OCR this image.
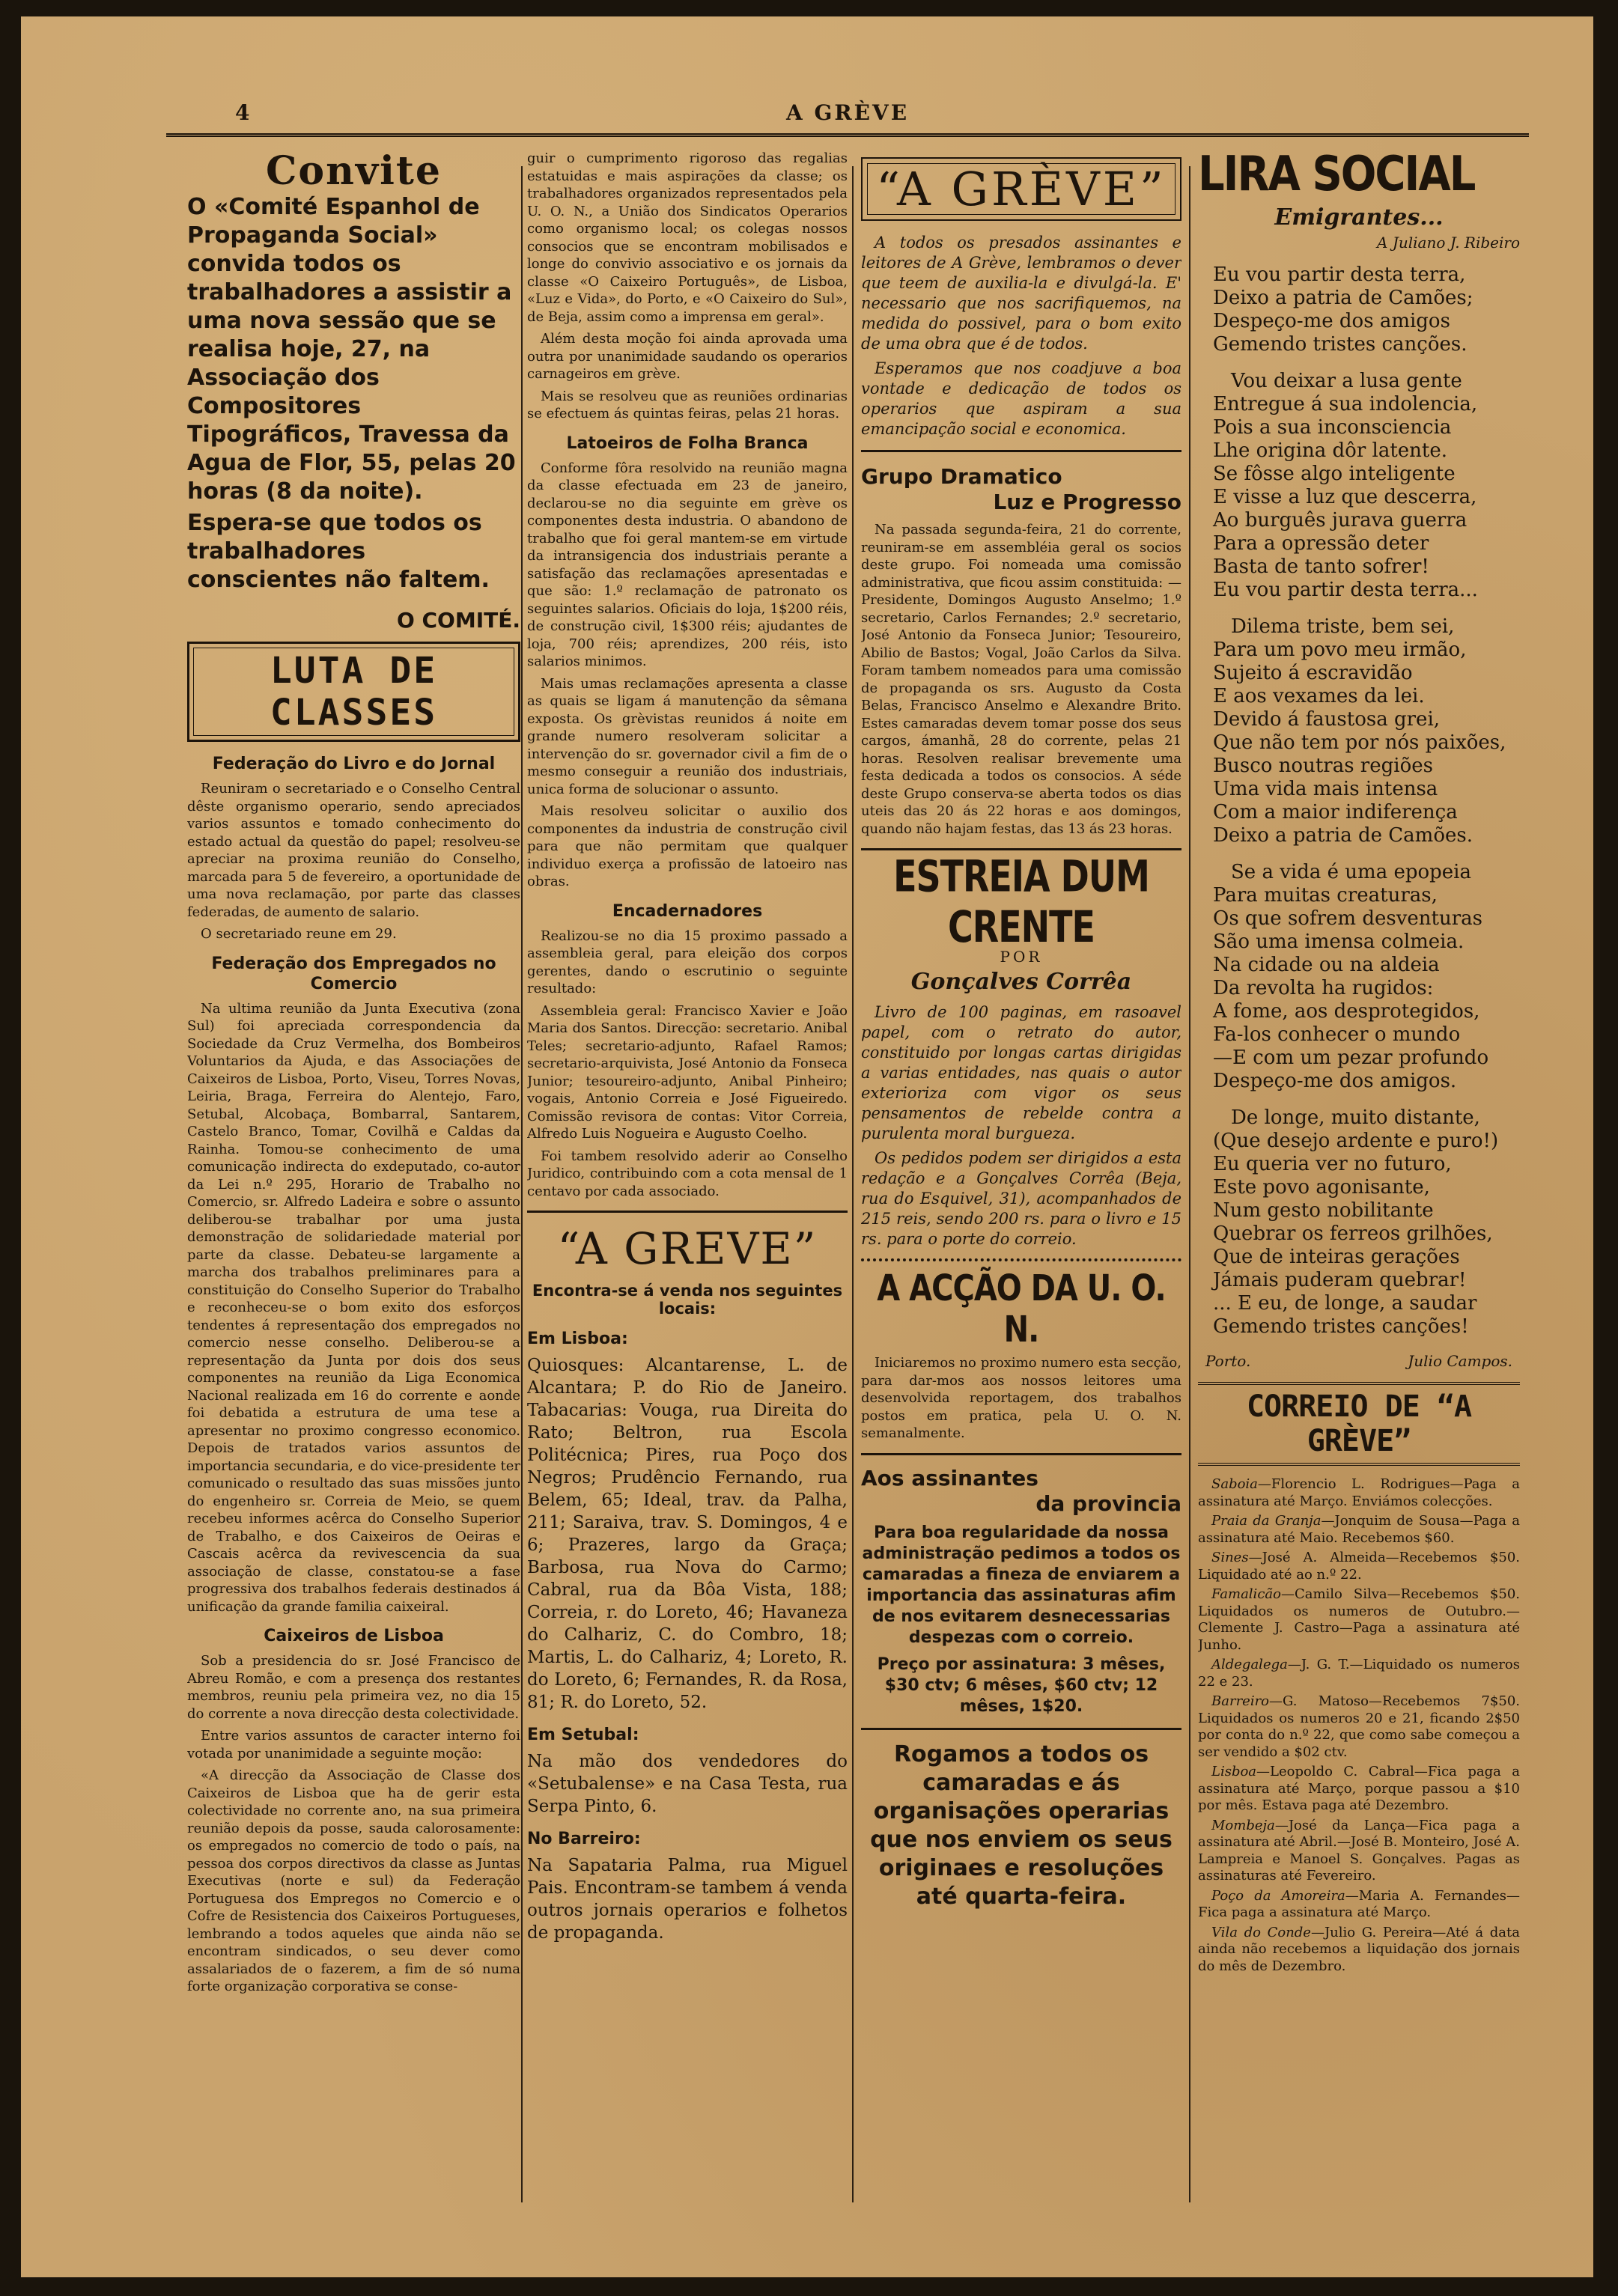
4	A GRÈVE
Convite

O «Comité Espanhol de Propaganda Social» convida todos os trabalhadores a assistir a uma nova sessão que se realisa hoje, 27, na Associação dos Compositores Tipográficos, Travessa da Agua de Flor, 55, pelas 20 horas (8 da noite).

Espera-se que todos os trabalhadores conscientes não faltem.

O COMITÉ.

LUTA DE CLASSES

Federação do Livro e do Jornal

Reuniram o secretariado e o Conselho Central dêste organismo operario, sendo apreciados varios assuntos e tomado conhecimento do estado actual da questão do papel; resolveu-se apreciar na proxima reunião do Conselho, marcada para 5 de fevereiro, a oportunidade de uma nova reclamação, por parte das classes federadas, de aumento de salario.

O secretariado reune em 29.

Federação dos Empregados no Comercio

Na ultima reunião da Junta Executiva (zona Sul) foi apreciada correspondencia da Sociedade da Cruz Vermelha, dos Bombeiros Voluntarios da Ajuda, e das Associações de Caixeiros de Lisboa, Porto, Viseu, Torres Novas, Leiria, Braga, Ferreira do Alentejo, Faro, Setubal, Alcobaça, Bombarral, Santarem, Castelo Branco, Tomar, Covilhã e Caldas da Rainha. Tomou-se conhecimento de uma comunicação indirecta do exdeputado, co-autor da Lei n.º 295, Horario de Trabalho no Comercio, sr. Alfredo Ladeira e sobre o assunto deliberou-se trabalhar por uma justa demonstração de solidariedade material por parte da classe. Debateu-se largamente a marcha dos trabalhos preliminares para a constituição do Conselho Superior do Trabalho e reconheceu-se o bom exito dos esforços tendentes á representação dos empregados no comercio nesse conselho. Deliberou-se a representação da Junta por dois dos seus componentes na reunião da Liga Economica Nacional realizada em 16 do corrente e aonde foi debatida a estrutura de uma tese a apresentar no proximo congresso economico. Depois de tratados varios assuntos de importancia secundaria, e do vice-presidente ter comunicado o resultado das suas missões junto do engenheiro sr. Correia de Meio, se quem recebeu informes acêrca do Conselho Superior de Trabalho, e dos Caixeiros de Oeiras e Cascais acêrca da revivescencia da sua associação de classe, constatou-se a fase progressiva dos trabalhos federais destinados á unificação da grande familia caixeiral.

Caixeiros de Lisboa

Sob a presidencia do sr. José Francisco de Abreu Romão, e com a presença dos restantes membros, reuniu pela primeira vez, no dia 15 do corrente a nova direcção desta colectividade.

Entre varios assuntos de caracter interno foi votada por unanimidade a seguinte moção:

«A direcção da Associação de Classe dos Caixeiros de Lisboa que ha de gerir esta colectividade no corrente ano, na sua primeira reunião depois da posse, sauda calorosamente: os empregados no comercio de todo o país, na pessoa dos corpos directivos da classe as Juntas Executivas (norte e sul) da Federação Portuguesa dos Empregos no Comercio e o Cofre de Resistencia dos Caixeiros Portugueses, lembrando a todos aqueles que ainda não se encontram sindicados, o seu dever como assalariados de o fazerem, a fim de só numa forte organização corporativa se conse-

guir o cumprimento rigoroso das regalias estatuidas e mais aspirações da classe; os trabalhadores organizados representados pela U. O. N., a União dos Sindicatos Operarios como organismo local; os colegas nossos consocios que se encontram mobilisados e longe do convivio associativo e os jornais da classe «O Caixeiro Português», de Lisboa, «Luz e Vida», do Porto, e «O Caixeiro do Sul», de Beja, assim como a imprensa em geral».

Além desta moção foi ainda aprovada uma outra por unanimidade saudando os operarios carnageiros em grève.

Mais se resolveu que as reuniões ordinarias se efectuem ás quintas feiras, pelas 21 horas.

Latoeiros de Folha Branca

Conforme fôra resolvido na reunião magna da classe efectuada em 23 de janeiro, declarou-se no dia seguinte em grève os componentes desta industria. O abandono de trabalho que foi geral mantem-se em virtude da intransigencia dos industriais perante a satisfação das reclamações apresentadas e que são: 1.º reclamação de patronato os seguintes salarios. Oficiais do loja, 1$200 réis, de construção civil, 1$300 réis; ajudantes de loja, 700 réis; aprendizes, 200 réis, isto salarios minimos.

Mais umas reclamações apresenta a classe as quais se ligam á manutenção da sêmana exposta. Os grèvistas reunidos á noite em grande numero resolveram solicitar a intervenção do sr. governador civil a fim de o mesmo conseguir a reunião dos industriais, unica forma de solucionar o assunto.

Mais resolveu solicitar o auxilio dos componentes da industria de construção civil para que não permitam que qualquer individuo exerça a profissão de latoeiro nas obras.

Encadernadores

Realizou-se no dia 15 proximo passado a assembleia geral, para eleição dos corpos gerentes, dando o escrutinio o seguinte resultado:

Assembleia geral: Francisco Xavier e João Maria dos Santos. Direcção: secretario. Anibal Teles; secretario-adjunto, Rafael Ramos; secretario-arquivista, José Antonio da Fonseca Junior; tesoureiro-adjunto, Anibal Pinheiro; vogais, Antonio Correia e José Figueiredo. Comissão revisora de contas: Vitor Correia, Alfredo Luis Nogueira e Augusto Coelho.

Foi tambem resolvido aderir ao Conselho Juridico, contribuindo com a cota mensal de 1 centavo por cada associado.

“A GREVE”

Encontra-se á venda nos seguintes locais:

Em Lisboa:

Quiosques: Alcantarense, L. de Alcantara; P. do Rio de Janeiro. Tabacarias: Vouga, rua Direita do Rato; Beltron, rua Escola Politécnica; Pires, rua Poço dos Negros; Prudêncio Fernando, rua Belem, 65; Ideal, trav. da Palha, 211; Saraiva, trav. S. Domingos, 4 e 6; Prazeres, largo da Graça; Barbosa, rua Nova do Carmo; Cabral, rua da Bôa Vista, 188; Correia, r. do Loreto, 46; Havaneza do Calhariz, C. do Combro, 18; Martis, L. do Calhariz, 4; Loreto, R. do Loreto, 6; Fernandes, R. da Rosa, 81; R. do Loreto, 52.

Em Setubal:

Na mão dos vendedores do «Setubalense» e na Casa Testa, rua Serpa Pinto, 6.

No Barreiro:

Na Sapataria Palma, rua Miguel Pais. Encontram-se tambem á venda outros jornais operarios e folhetos de propaganda.

“A GRÈVE”

A todos os presados assinantes e leitores de A Grève, lembramos o dever que teem de auxilia-la e divulgá-la. E' necessario que nos sacrifiquemos, na medida do possivel, para o bom exito de uma obra que é de todos.

Esperamos que nos coadjuve a boa vontade e dedicação de todos os operarios que aspiram a sua emancipação social e economica.

Grupo Dramatico

Luz e Progresso

Na passada segunda-feira, 21 do corrente, reuniram-se em assembléia geral os socios deste grupo. Foi nomeada uma comissão administrativa, que ficou assim constituida: — Presidente, Domingos Augusto Anselmo; 1.º secretario, Carlos Fernandes; 2.º secretario, José Antonio da Fonseca Junior; Tesoureiro, Abilio de Bastos; Vogal, João Carlos da Silva. Foram tambem nomeados para uma comissão de propaganda os srs. Augusto da Costa Belas, Francisco Anselmo e Alexandre Brito. Estes camaradas devem tomar posse dos seus cargos, ámanhã, 28 do corrente, pelas 21 horas. Resolven realisar brevemente uma festa dedicada a todos os consocios. A séde deste Grupo conserva-se aberta todos os dias uteis das 20 ás 22 horas e aos domingos, quando não hajam festas, das 13 ás 23 horas.

ESTREIA DUM CRENTE

POR

Gonçalves Corrêa

Livro de 100 paginas, em rasoavel papel, com o retrato do autor, constituido por longas cartas dirigidas a varias entidades, nas quais o autor exterioriza com vigor os seus pensamentos de rebelde contra a purulenta moral burgueza.

Os pedidos podem ser dirigidos a esta redação e a Gonçalves Corrêa (Beja, rua do Esquivel, 31), acompanhados de 215 reis, sendo 200 rs. para o livro e 15 rs. para o porte do correio.

A ACÇÃO DA U. O. N.

Iniciaremos no proximo numero esta secção, para dar-mos aos nossos leitores uma desenvolvida reportagem, dos trabalhos postos em pratica, pela U. O. N. semanalmente.

Aos assinantes

da provincia

Para boa regularidade da nossa administração pedimos a todos os camaradas a fineza de enviarem a importancia das assinaturas afim de nos evitarem desnecessarias despezas com o correio.

Preço por assinatura: 3 mêses, $30 ctv; 6 mêses, $60 ctv; 12 mêses, 1$20.

Rogamos a todos os camaradas e ás organisações operarias que nos enviem os seus originaes e resoluções até quarta-feira.

LIRA SOCIAL

Emigrantes...

A Juliano J. Ribeiro

Eu vou partir desta terra,

Deixo a patria de Camões;

Despeço-me dos amigos

Gemendo tristes canções.

Vou deixar a lusa gente

Entregue á sua indolencia,

Pois a sua inconsciencia

Lhe origina dôr latente.

Se fôsse algo inteligente

E visse a luz que descerra,

Ao burguês jurava guerra

Para a opressão deter

Basta de tanto sofrer!

Eu vou partir desta terra...

Dilema triste, bem sei,

Para um povo meu irmão,

Sujeito á escravidão

E aos vexames da lei.

Devido á faustosa grei,

Que não tem por nós paixões,

Busco noutras regiões

Uma vida mais intensa

Com a maior indiferença

Deixo a patria de Camões.

Se a vida é uma epopeia

Para muitas creaturas,

Os que sofrem desventuras

São uma imensa colmeia.

Na cidade ou na aldeia

Da revolta ha rugidos:

A fome, aos desprotegidos,

Fa-los conhecer o mundo

—E com um pezar profundo

Despeço-me dos amigos.

De longe, muito distante,

(Que desejo ardente e puro!)

Eu queria ver no futuro,

Este povo agonisante,

Num gesto nobilitante

Quebrar os ferreos grilhões,

Que de inteiras gerações

Jámais puderam quebrar!

... E eu, de longe, a saudar

Gemendo tristes canções!

Porto.	Julio Campos.
CORREIO DE “A GRÈVE”

Saboia—Florencio L. Rodrigues—Paga a assinatura até Março. Enviámos colecções.

Praia da Granja—Jonquim de Sousa—Paga a assinatura até Maio. Recebemos $60.

Sines—José A. Almeida—Recebemos $50. Liquidado até ao n.º 22.

Famalicão—Camilo Silva—Recebemos $50. Liquidados os numeros de Outubro.—Clemente J. Castro—Paga a assinatura até Junho.

Aldegalega—J. G. T.—Liquidado os numeros 22 e 23.

Barreiro—G. Matoso—Recebemos 7$50. Liquidados os numeros 20 e 21, ficando 2$50 por conta do n.º 22, que como sabe começou a ser vendido a $02 ctv.

Lisboa—Leopoldo C. Cabral—Fica paga a assinatura até Março, porque passou a $10 por mês. Estava paga até Dezembro.

Mombeja—José da Lança—Fica paga a assinatura até Abril.—José B. Monteiro, José A. Lampreia e Manoel S. Gonçalves. Pagas as assinaturas até Fevereiro.

Poço da Amoreira—Maria A. Fernandes—Fica paga a assinatura até Março.

Vila do Conde—Julio G. Pereira—Até á data ainda não recebemos a liquidação dos jornais do mês de Dezembro.
